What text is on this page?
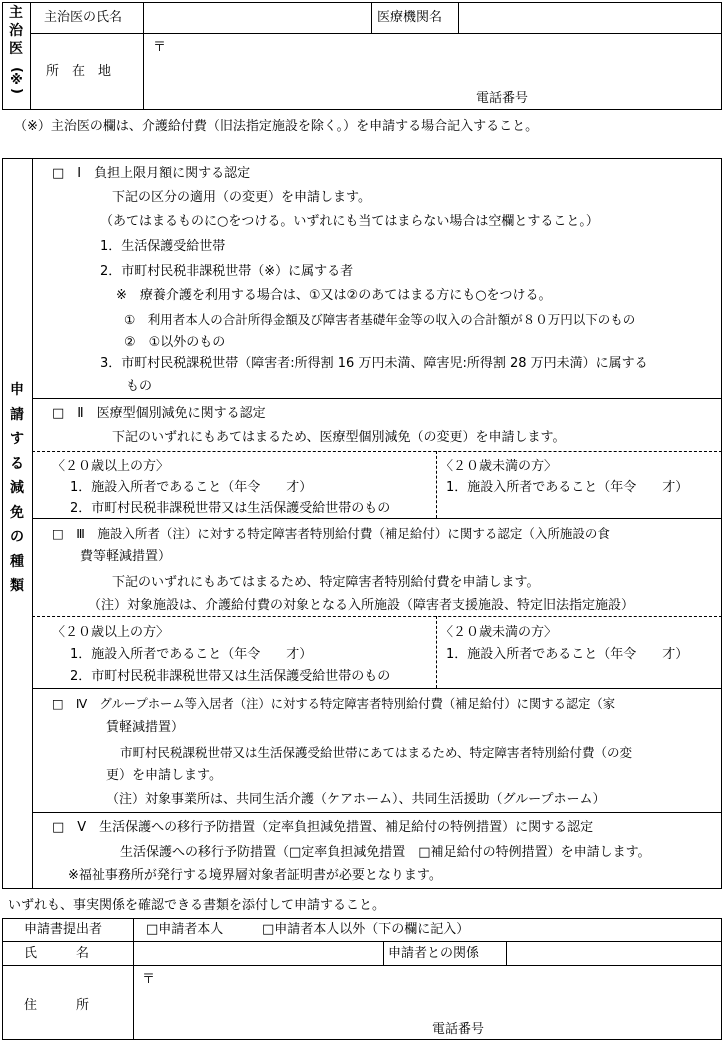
主
治
医
(※)
主治医の氏名	医療機関名
所　在　地
〒
電話番号
（※）主治医の欄は、介護給付費（旧法指定施設を除く。）を申請する場合記入すること。
申
請
す
る
減
免
の
種
類
□　Ⅰ　負担上限月額に関する認定
下記の区分の適用（の変更）を申請します。
（あてはまるものに○をつける。いずれにも当てはまらない場合は空欄とすること。）
1．生活保護受給世帯
2．市町村民税非課税世帯（※）に属する者
※　療養介護を利用する場合は、①又は②のあてはまる方にも○をつける。
①　利用者本人の合計所得金額及び障害者基礎年金等の収入の合計額が８０万円以下のもの
②　①以外のもの
3．市町村民税課税世帯（障害者:所得割 16 万円未満、障害児:所得割 28 万円未満）に属する
もの
□　Ⅱ　医療型個別減免に関する認定
下記のいずれにもあてはまるため、医療型個別減免（の変更）を申請します。
〈２０歳以上の方〉
1．施設入所者であること（年令　　才）
2．市町村民税非課税世帯又は生活保護受給世帯のもの
〈２０歳未満の方〉
1．施設入所者であること（年令　　才）
□　Ⅲ　施設入所者（注）に対する特定障害者特別給付費（補足給付）に関する認定（入所施設の食
費等軽減措置）
下記のいずれにもあてはまるため、特定障害者特別給付費を申請します。
（注）対象施設は、介護給付費の対象となる入所施設（障害者支援施設、特定旧法指定施設）
〈２０歳以上の方〉
1．施設入所者であること（年令　　才）
2．市町村民税非課税世帯又は生活保護受給世帯のもの
〈２０歳未満の方〉
1．施設入所者であること（年令　　才）
□　Ⅳ　グループホーム等入居者（注）に対する特定障害者特別給付費（補足給付）に関する認定（家
賃軽減措置）
市町村民税課税世帯又は生活保護受給世帯にあてはまるため、特定障害者特別給付費（の変
更）を申請します。
（注）対象事業所は、共同生活介護（ケアホーム）、共同生活援助（グループホーム）
□　Ⅴ　生活保護への移行予防措置（定率負担減免措置、補足給付の特例措置）に関する認定
生活保護への移行予防措置（□定率負担減免措置　□補足給付の特例措置）を申請します。
※福祉事務所が発行する境界層対象者証明書が必要となります。
いずれも、事実関係を確認できる書類を添付して申請すること。
申請書提出者	□申請者本人	□申請者本人以外（下の欄に記入）
氏　　　名	申請者との関係
住　　　所
〒
電話番号
